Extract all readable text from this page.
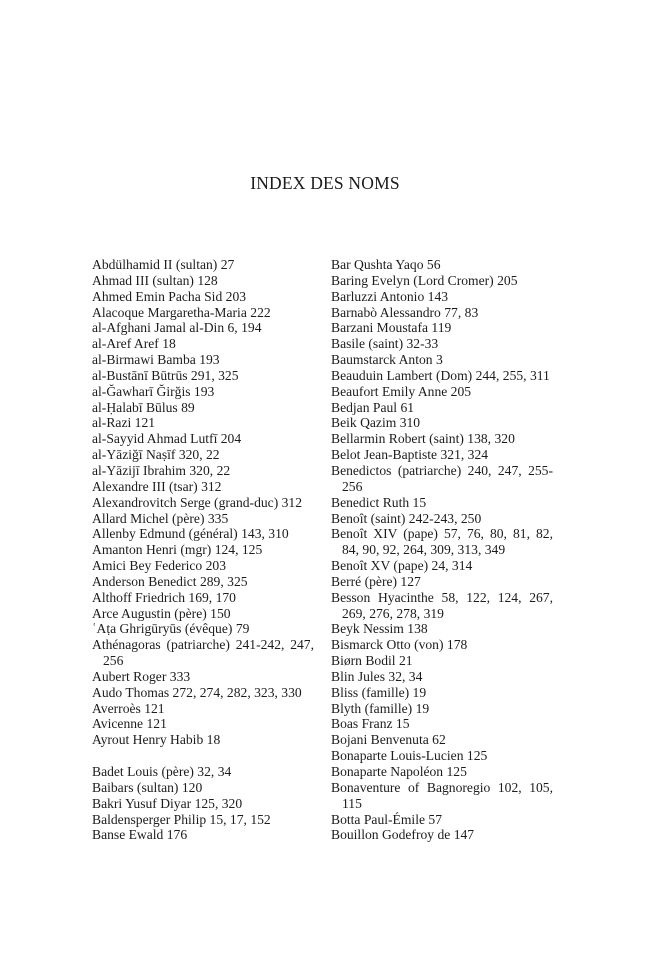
INDEX DES NOMS
Abdülhamid II (sultan) 27
Ahmad III (sultan) 128
Ahmed Emin Pacha Sid 203
Alacoque Margaretha-Maria 222
al-Afghani Jamal al-Din 6, 194
al-Aref Aref 18
al-Birmawi Bamba 193
al-Bustānī Būtrūs 291, 325
al-Ğawharī Ğirğis 193
al-Ḥalabī Būlus 89
al-Razi 121
al-Sayyid Ahmad Lutfī 204
al-Yāziğī Naṣīf 320, 22
al-Yāzijī Ibrahim 320, 22
Alexandre III (tsar) 312
Alexandrovitch Serge (grand-duc) 312
Allard Michel (père) 335
Allenby Edmund (général) 143, 310
Amanton Henri (mgr) 124, 125
Amici Bey Federico 203
Anderson Benedict 289, 325
Althoff Friedrich 169, 170
Arce Augustin (père) 150
ʿAṭa Ghrigūryūs (évêque) 79
Athénagoras (patriarche) 241-242, 247, 256
Aubert Roger 333
Audo Thomas 272, 274, 282, 323, 330
Averroès 121
Avicenne 121
Ayrout Henry Habib 18
Badet Louis (père) 32, 34
Baibars (sultan) 120
Bakri Yusuf Diyar 125, 320
Baldensperger Philip 15, 17, 152
Banse Ewald 176
Bar Qushta Yaqo 56
Baring Evelyn (Lord Cromer) 205
Barluzzi Antonio 143
Barnabò Alessandro 77, 83
Barzani Moustafa 119
Basile (saint) 32-33
Baumstarck Anton 3
Beauduin Lambert (Dom) 244, 255, 311
Beaufort Emily Anne 205
Bedjan Paul 61
Beik Qazim 310
Bellarmin Robert (saint) 138, 320
Belot Jean-Baptiste 321, 324
Benedictos (patriarche) 240, 247, 255-256
Benedict Ruth 15
Benoît (saint) 242-243, 250
Benoît XIV (pape) 57, 76, 80, 81, 82, 84, 90, 92, 264, 309, 313, 349
Benoît XV (pape) 24, 314
Berré (père) 127
Besson Hyacinthe 58, 122, 124, 267, 269, 276, 278, 319
Beyk Nessim 138
Bismarck Otto (von) 178
Biørn Bodil 21
Blin Jules 32, 34
Bliss (famille) 19
Blyth (famille) 19
Boas Franz 15
Bojani Benvenuta 62
Bonaparte Louis-Lucien 125
Bonaparte Napoléon 125
Bonaventure of Bagnoregio 102, 105, 115
Botta Paul-Émile 57
Bouillon Godefroy de 147
